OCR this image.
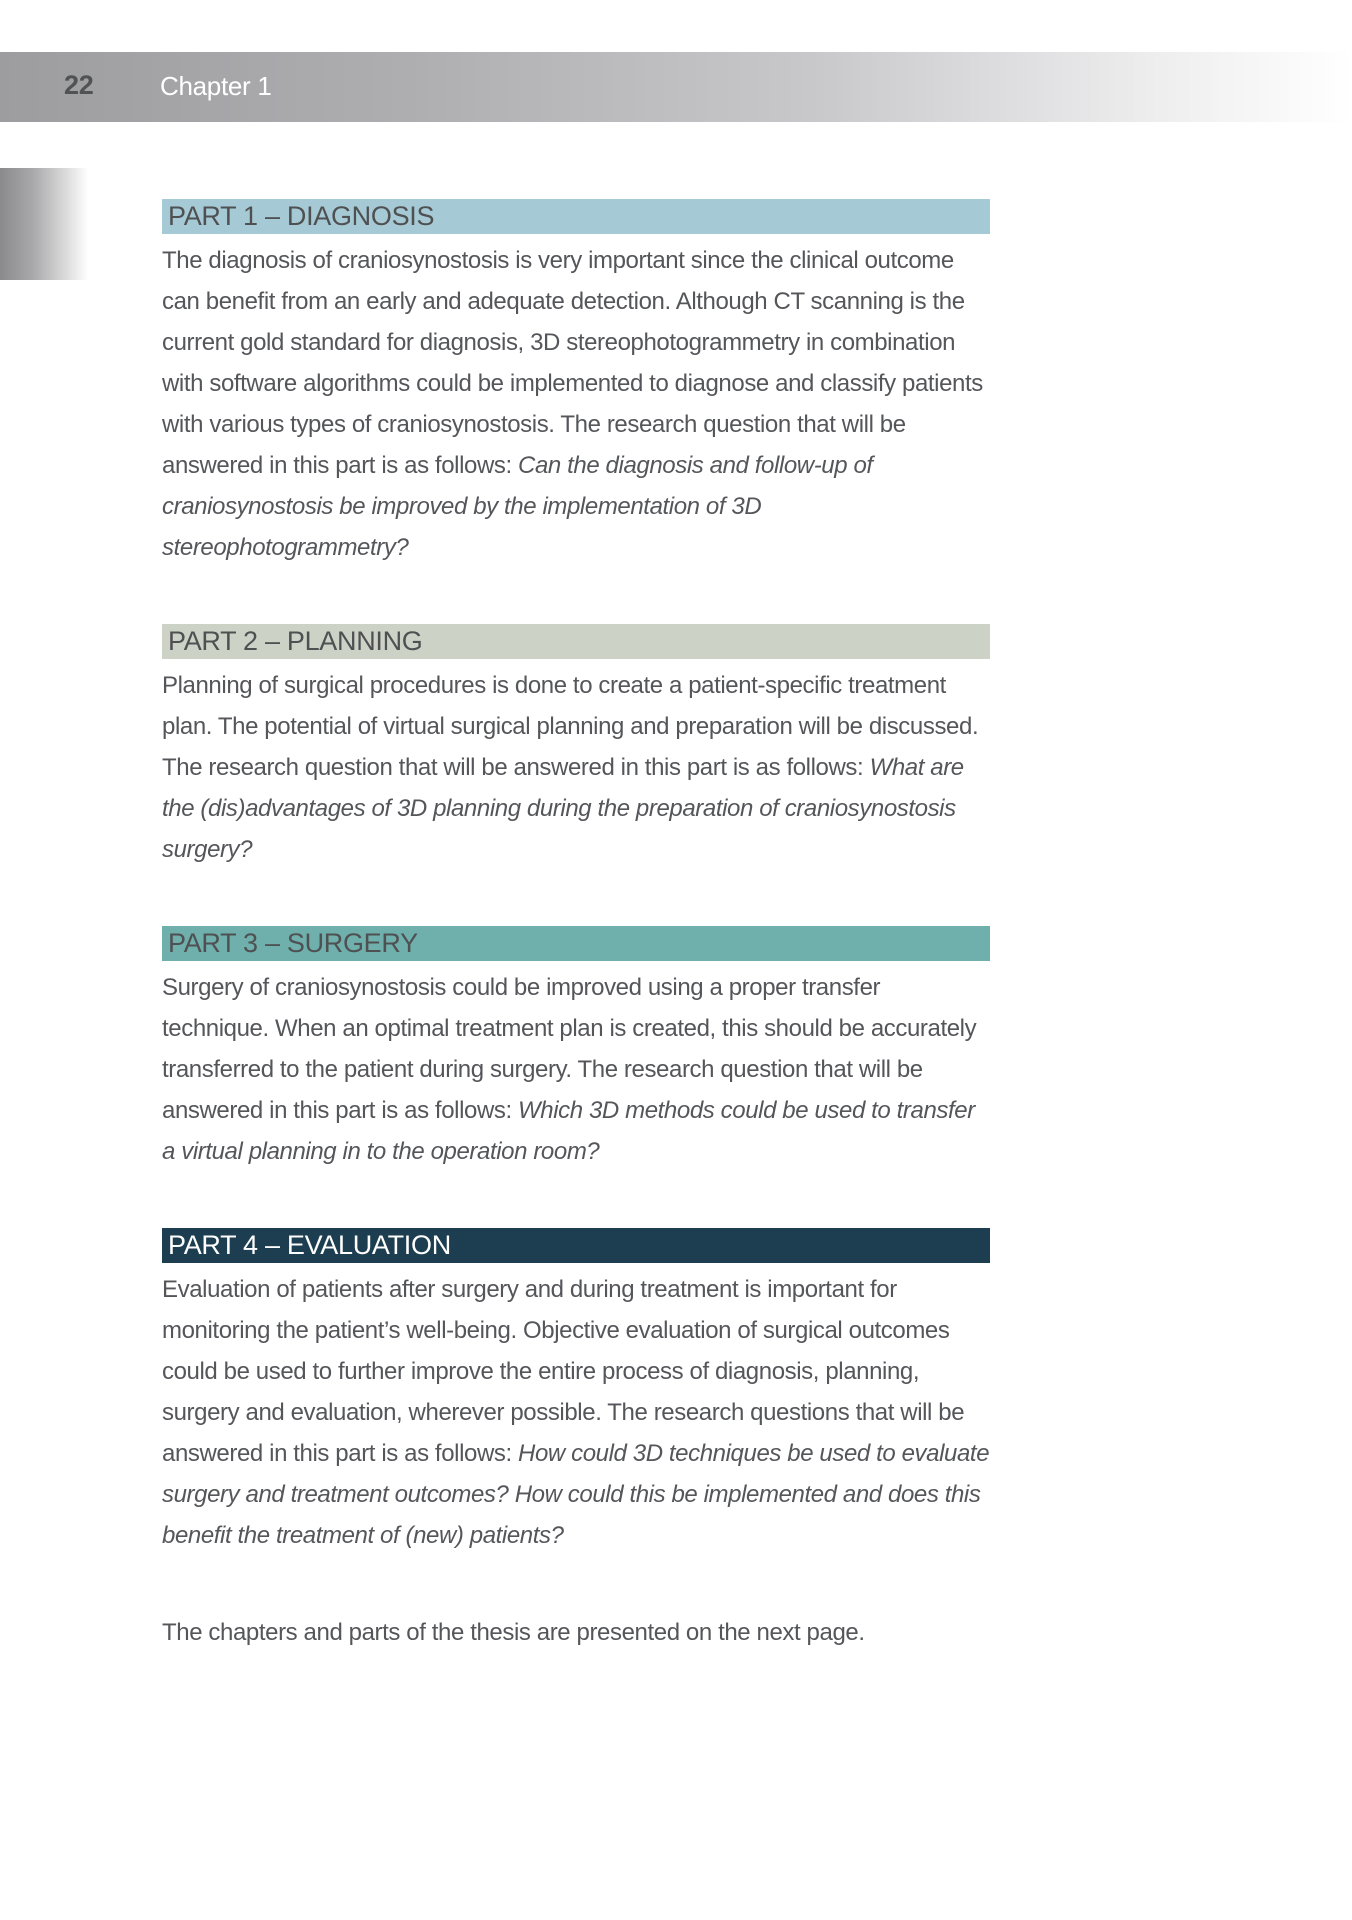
22	Chapter 1
PART 1 – DIAGNOSIS

The diagnosis of craniosynostosis is very important since the clinical outcome can benefit from an early and adequate detection. Although CT scanning is the current gold standard for diagnosis, 3D stereophotogrammetry in combination with software algorithms could be implemented to diagnose and classify patients with various types of craniosynostosis. The research question that will be answered in this part is as follows: Can the diagnosis and follow-up of craniosynostosis be improved by the implementation of 3D stereophotogrammetry?

PART 2 – PLANNING

Planning of surgical procedures is done to create a patient-specific treatment plan. The potential of virtual surgical planning and preparation will be discussed. The research question that will be answered in this part is as follows: What are the (dis)advantages of 3D planning during the preparation of craniosynostosis surgery?

PART 3 – SURGERY

Surgery of craniosynostosis could be improved using a proper transfer technique. When an optimal treatment plan is created, this should be accurately transferred to the patient during surgery. The research question that will be answered in this part is as follows: Which 3D methods could be used to transfer a virtual planning in to the operation room?

PART 4 – EVALUATION

Evaluation of patients after surgery and during treatment is important for monitoring the patient’s well-being. Objective evaluation of surgical outcomes could be used to further improve the entire process of diagnosis, planning, surgery and evaluation, wherever possible. The research questions that will be answered in this part is as follows: How could 3D techniques be used to evaluate surgery and treatment outcomes? How could this be implemented and does this benefit the treatment of (new) patients?

The chapters and parts of the thesis are presented on the next page.
